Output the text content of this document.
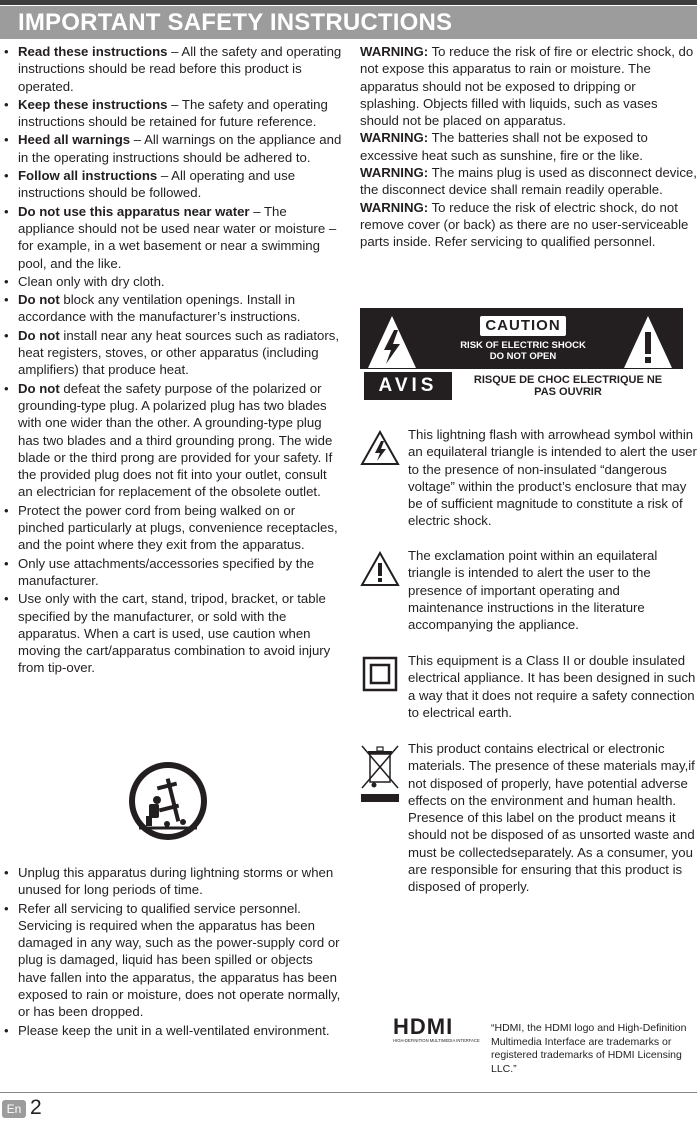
IMPORTANT SAFETY INSTRUCTIONS
• Read these instructions – All the safety and operating instructions should be read before this product is operated.
• Keep these instructions – The safety and operating instructions should be retained for future reference.
• Heed all warnings – All warnings on the appliance and in the operating instructions should be adhered to.
• Follow all instructions – All operating and use instructions should be followed.
• Do not use this apparatus near water – The appliance should not be used near water or moisture – for example, in a wet basement or near a swimming pool, and the like.
• Clean only with dry cloth.
• Do not block any ventilation openings. Install in accordance with the manufacturer’s instructions.
• Do not install near any heat sources such as radiators, heat registers, stoves, or other apparatus (including amplifiers) that produce heat.
• Do not defeat the safety purpose of the polarized or grounding-type plug. A polarized plug has two blades with one wider than the other. A grounding-type plug has two blades and a third grounding prong. The wide blade or the third prong are provided for your safety. If the provided plug does not fit into your outlet, consult an electrician for replacement of the obsolete outlet.
• Protect the power cord from being walked on or pinched particularly at plugs, convenience receptacles, and the point where they exit from the apparatus.
• Only use attachments/accessories specified by the manufacturer.
• Use only with the cart, stand, tripod, bracket, or table specified by the manufacturer, or sold with the apparatus. When a cart is used, use caution when moving the cart/apparatus combination to avoid injury from tip-over.
• Unplug this apparatus during lightning storms or when unused for long periods of time.
• Refer all servicing to qualified service personnel. Servicing is required when the apparatus has been damaged in any way, such as the power-supply cord or plug is damaged, liquid has been spilled or objects have fallen into the apparatus, the apparatus has been exposed to rain or moisture, does not operate normally, or has been dropped.
• Please keep the unit in a well-ventilated environment.

WARNING: To reduce the risk of fire or electric shock, do not expose this apparatus to rain or moisture. The apparatus should not be exposed to dripping or splashing. Objects filled with liquids, such as vases should not be placed on apparatus.

WARNING: The batteries shall not be exposed to excessive heat such as sunshine, fire or the like.

WARNING: The mains plug is used as disconnect device, the disconnect device shall remain readily operable.

WARNING: To reduce the risk of electric shock, do not remove cover (or back) as there are no user-serviceable parts inside. Refer servicing to qualified personnel.

CAUTION
RISK OF ELECTRIC SHOCK
DO NOT OPEN
AVIS	RISQUE DE CHOC ELECTRIQUE NE
PAS OUVRIR
This lightning flash with arrowhead symbol within an equilateral triangle is intended to alert the user to the presence of non-insulated “dangerous voltage” within the product’s enclosure that may be of sufficient magnitude to constitute a risk of electric shock.
The exclamation point within an equilateral triangle is intended to alert the user to the presence of important operating and maintenance instructions in the literature accompanying the appliance.
This equipment is a Class II or double insulated electrical appliance. It has been designed in such a way that it does not require a safety connection to electrical earth.
This product contains electrical or electronic materials. The presence of these materials may,if not disposed of properly, have potential adverse effects on the environment and human health.
Presence of this label on the product means it should not be disposed of as unsorted waste and must be collectedseparately. As a consumer, you are responsible for ensuring that this product is disposed of properly.
HDMI
HIGH-DEFINITION MULTIMEDIA INTERFACE
“HDMI, the HDMI logo and High-Definition Multimedia Interface are trademarks or registered trademarks of HDMI Licensing LLC.”
En 2
